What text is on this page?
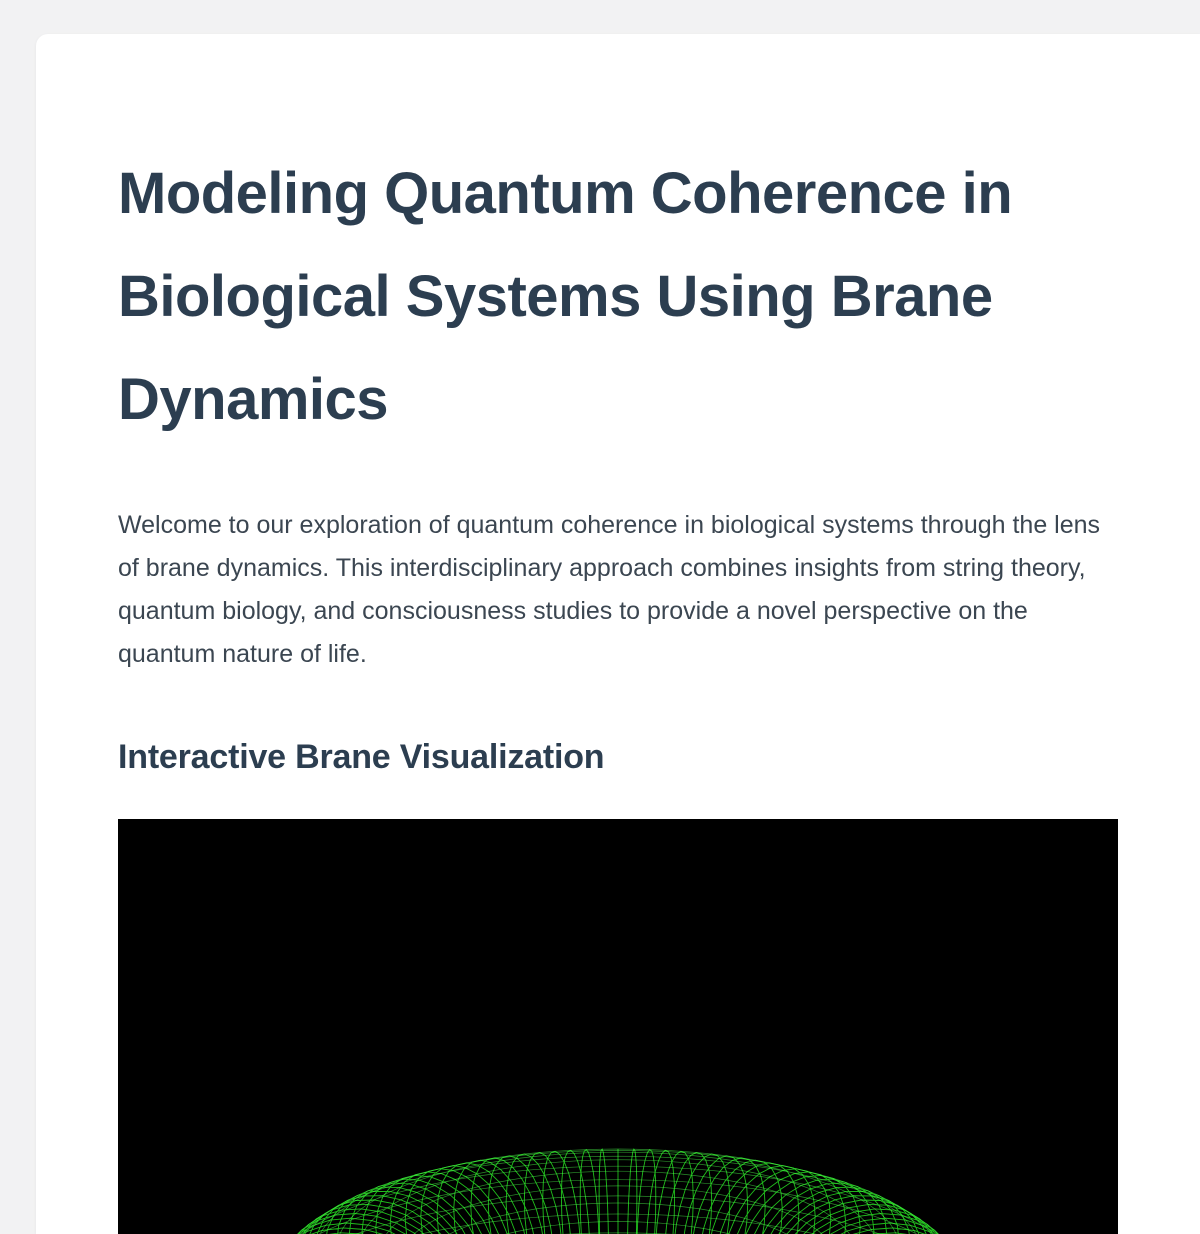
Modeling Quantum Coherence in Biological Systems Using Brane Dynamics

Welcome to our exploration of quantum coherence in biological systems through the lens of brane dynamics. This interdisciplinary approach combines insights from string theory, quantum biology, and consciousness studies to provide a novel perspective on the quantum nature of life.

Interactive Brane Visualization
